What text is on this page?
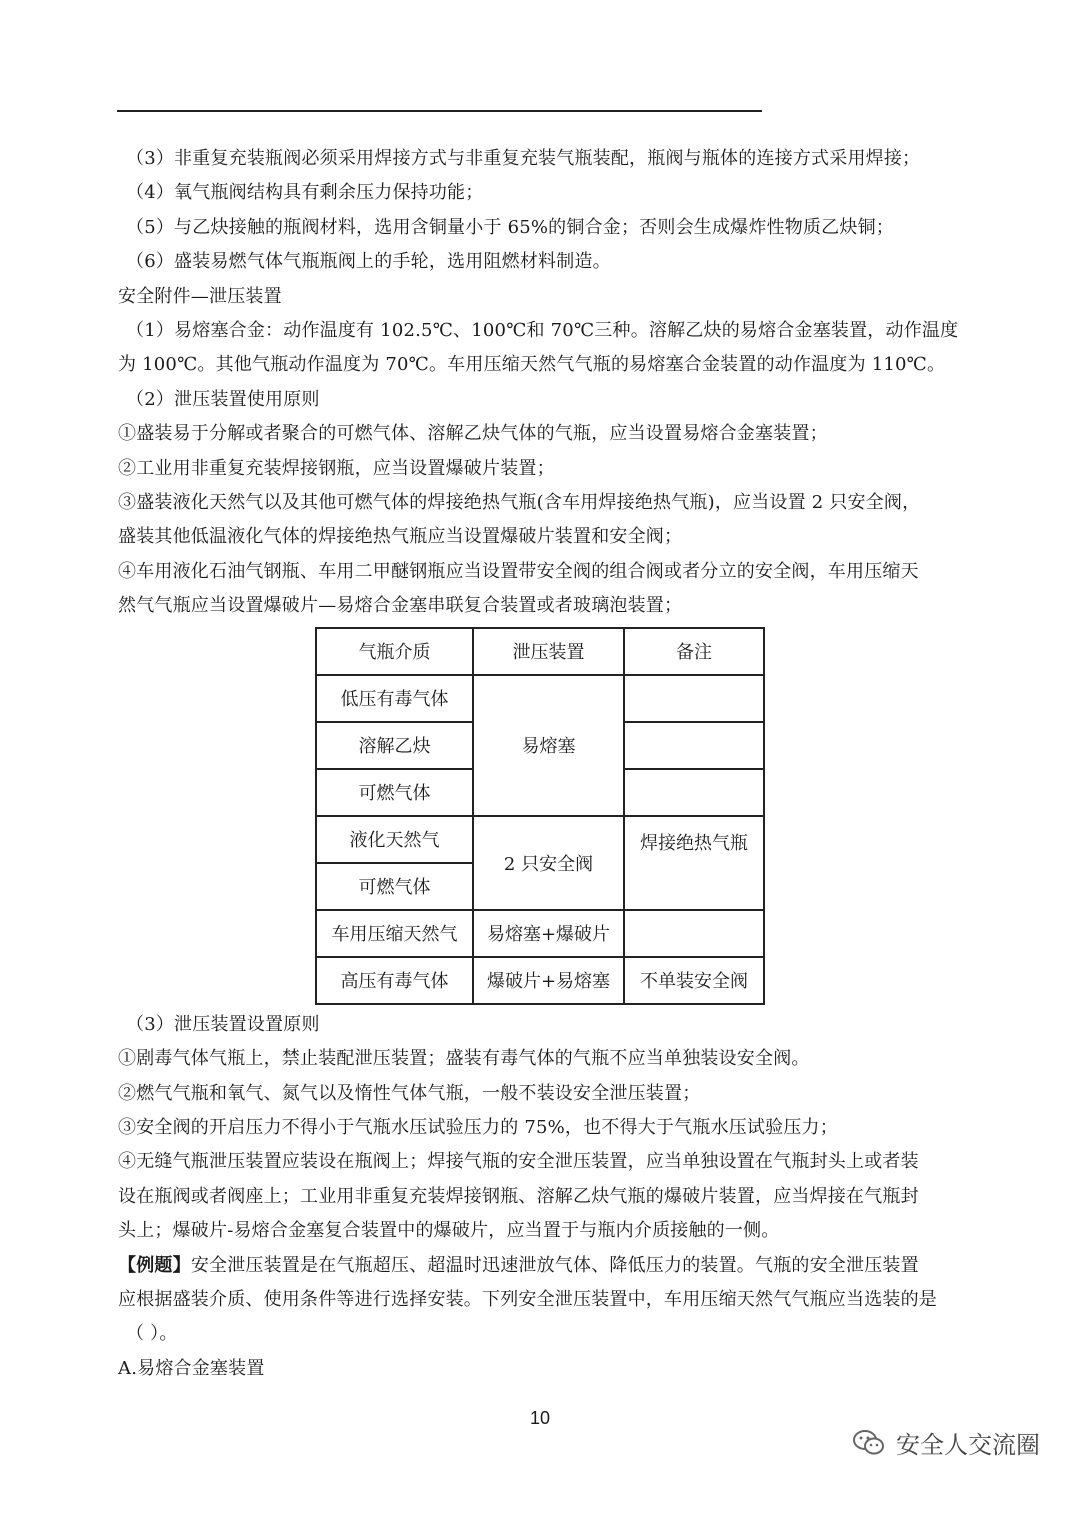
（3）非重复充装瓶阀必须采用焊接方式与非重复充装气瓶装配，瓶阀与瓶体的连接方式采用焊接；
（4）氧气瓶阀结构具有剩余压力保持功能；
（5）与乙炔接触的瓶阀材料，选用含铜量小于 65%的铜合金；否则会生成爆炸性物质乙炔铜；
（6）盛装易燃气体气瓶瓶阀上的手轮，选用阻燃材料制造。
安全附件—泄压装置
（1）易熔塞合金：动作温度有 102.5℃、100℃和 70℃三种。溶解乙炔的易熔合金塞装置，动作温度
为 100℃。其他气瓶动作温度为 70℃。车用压缩天然气气瓶的易熔塞合金装置的动作温度为 110℃。
（2）泄压装置使用原则
①盛装易于分解或者聚合的可燃气体、溶解乙炔气体的气瓶，应当设置易熔合金塞装置；
②工业用非重复充装焊接钢瓶，应当设置爆破片装置；
③盛装液化天然气以及其他可燃气体的焊接绝热气瓶(含车用焊接绝热气瓶)，应当设置 2 只安全阀，
盛装其他低温液化气体的焊接绝热气瓶应当设置爆破片装置和安全阀；
④车用液化石油气钢瓶、车用二甲醚钢瓶应当设置带安全阀的组合阀或者分立的安全阀，车用压缩天
然气气瓶应当设置爆破片—易熔合金塞串联复合装置或者玻璃泡装置；
气瓶介质	泄压装置	备注
低压有毒气体	易熔塞	
溶解乙炔		
可燃气体		
液化天然气	2 只安全阀	焊接绝热气瓶
可燃气体		
车用压缩天然气	易熔塞+爆破片	
高压有毒气体	爆破片+易熔塞	不单装安全阀
（3）泄压装置设置原则
①剧毒气体气瓶上，禁止装配泄压装置；盛装有毒气体的气瓶不应当单独装设安全阀。
②燃气气瓶和氧气、氮气以及惰性气体气瓶，一般不装设安全泄压装置；
③安全阀的开启压力不得小于气瓶水压试验压力的 75%，也不得大于气瓶水压试验压力；
④无缝气瓶泄压装置应装设在瓶阀上；焊接气瓶的安全泄压装置，应当单独设置在气瓶封头上或者装
设在瓶阀或者阀座上；工业用非重复充装焊接钢瓶、溶解乙炔气瓶的爆破片装置，应当焊接在气瓶封
头上；爆破片-易熔合金塞复合装置中的爆破片，应当置于与瓶内介质接触的一侧。
【例题】安全泄压装置是在气瓶超压、超温时迅速泄放气体、降低压力的装置。气瓶的安全泄压装置
应根据盛装介质、使用条件等进行选择安装。下列安全泄压装置中，车用压缩天然气气瓶应当选装的是
（ ）。
A.易熔合金塞装置
10
安全人交流圈
